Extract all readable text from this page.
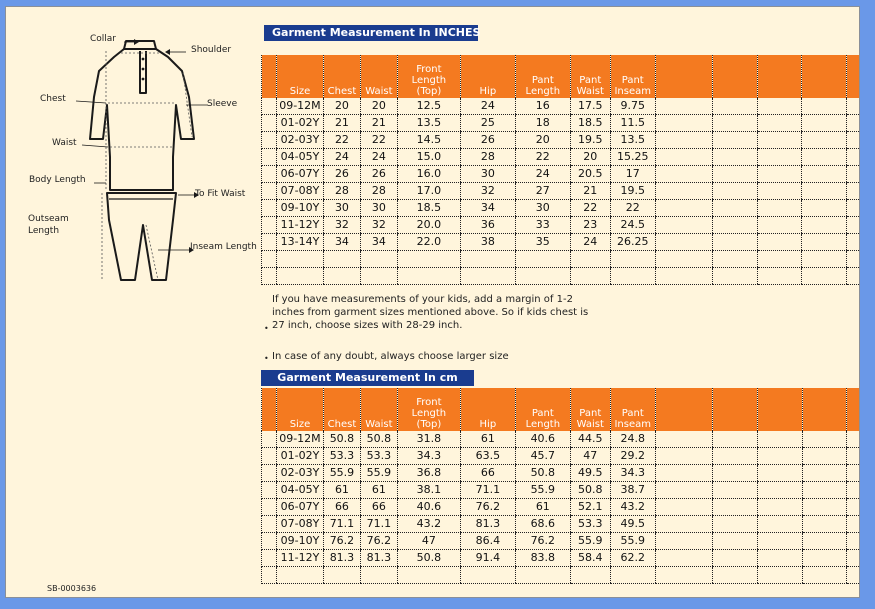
Collar
Shoulder
Chest	Sleeve
Waist
Body Length
To Fit Waist
Outseam Length
Inseam Length
SB-0003636
Garment Measurement In INCHES
	Size	Chest	Waist	Front Length (Top)	Hip	Pant Length	Pant Waist	Pant Inseam					
	09-12M	20	20	12.5	24	16	17.5	9.75					
	01-02Y	21	21	13.5	25	18	18.5	11.5					
	02-03Y	22	22	14.5	26	20	19.5	13.5					
	04-05Y	24	24	15.0	28	22	20	15.25					
	06-07Y	26	26	16.0	30	24	20.5	17					
	07-08Y	28	28	17.0	32	27	21	19.5					
	09-10Y	30	30	18.5	34	30	22	22					
	11-12Y	32	32	20.0	36	33	23	24.5					
	13-14Y	34	34	22.0	38	35	24	26.25					

•
If you have measurements of your kids, add a margin of 1-2 inches from garment sizes mentioned above. So if kids chest is 27 inch, choose sizes with 28-29 inch.
• In case of any doubt, always choose larger size
Garment Measurement In cm
	Size	Chest	Waist	Front Length (Top)	Hip	Pant Length	Pant Waist	Pant Inseam					
	09-12M	50.8	50.8	31.8	61	40.6	44.5	24.8					
	01-02Y	53.3	53.3	34.3	63.5	45.7	47	29.2					
	02-03Y	55.9	55.9	36.8	66	50.8	49.5	34.3					
	04-05Y	61	61	38.1	71.1	55.9	50.8	38.7					
	06-07Y	66	66	40.6	76.2	61	52.1	43.2					
	07-08Y	71.1	71.1	43.2	81.3	68.6	53.3	49.5					
	09-10Y	76.2	76.2	47	86.4	76.2	55.9	55.9					
	11-12Y	81.3	81.3	50.8	91.4	83.8	58.4	62.2					
